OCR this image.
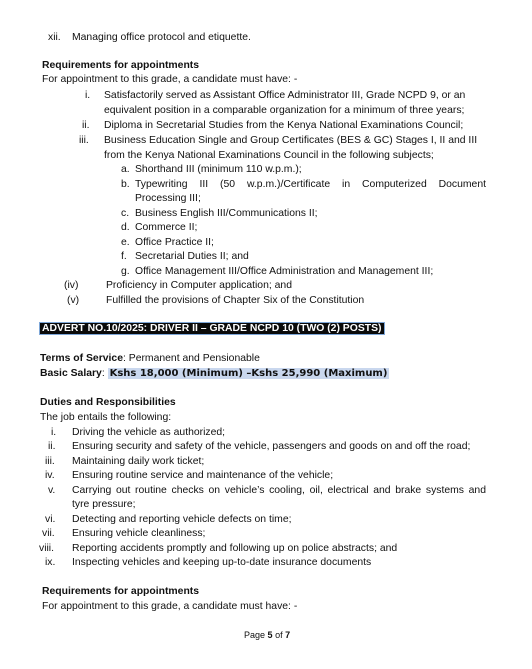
xii. Managing office protocol and etiquette.
Requirements for appointments
For appointment to this grade, a candidate must have: -
i. Satisfactorily served as Assistant Office Administrator III, Grade NCPD 9, or an
equivalent position in a comparable organization for a minimum of three years;
ii. Diploma in Secretarial Studies from the Kenya National Examinations Council;
iii. Business Education Single and Group Certificates (BES & GC) Stages I, II and III
from the Kenya National Examinations Council in the following subjects;
a. Shorthand III (minimum 110 w.p.m.);
b. Typewriting III (50 w.p.m.)/Certificate in Computerized Document
Processing III;
c. Business English III/Communications II;
d. Commerce II;
e. Office Practice II;
f. Secretarial Duties II; and
g. Office Management III/Office Administration and Management III;
(iv)	Proficiency in Computer application; and
(v)	Fulfilled the provisions of Chapter Six of the Constitution
ADVERT NO.10/2025: DRIVER II – GRADE NCPD 10 (TWO (2) POSTS)
Terms of Service: Permanent and Pensionable
Basic Salary: Kshs 18,000 (Minimum) –Kshs 25,990 (Maximum)
Duties and Responsibilities
The job entails the following:
i. Driving the vehicle as authorized;
ii. Ensuring security and safety of the vehicle, passengers and goods on and off the road;
iii. Maintaining daily work ticket;
iv. Ensuring routine service and maintenance of the vehicle;
v. Carrying out routine checks on vehicle’s cooling, oil, electrical and brake systems and
tyre pressure;
vi. Detecting and reporting vehicle defects on time;
vii. Ensuring vehicle cleanliness;
viii. Reporting accidents promptly and following up on police abstracts; and
ix. Inspecting vehicles and keeping up-to-date insurance documents
Requirements for appointments
For appointment to this grade, a candidate must have: -
Page 5 of 7
